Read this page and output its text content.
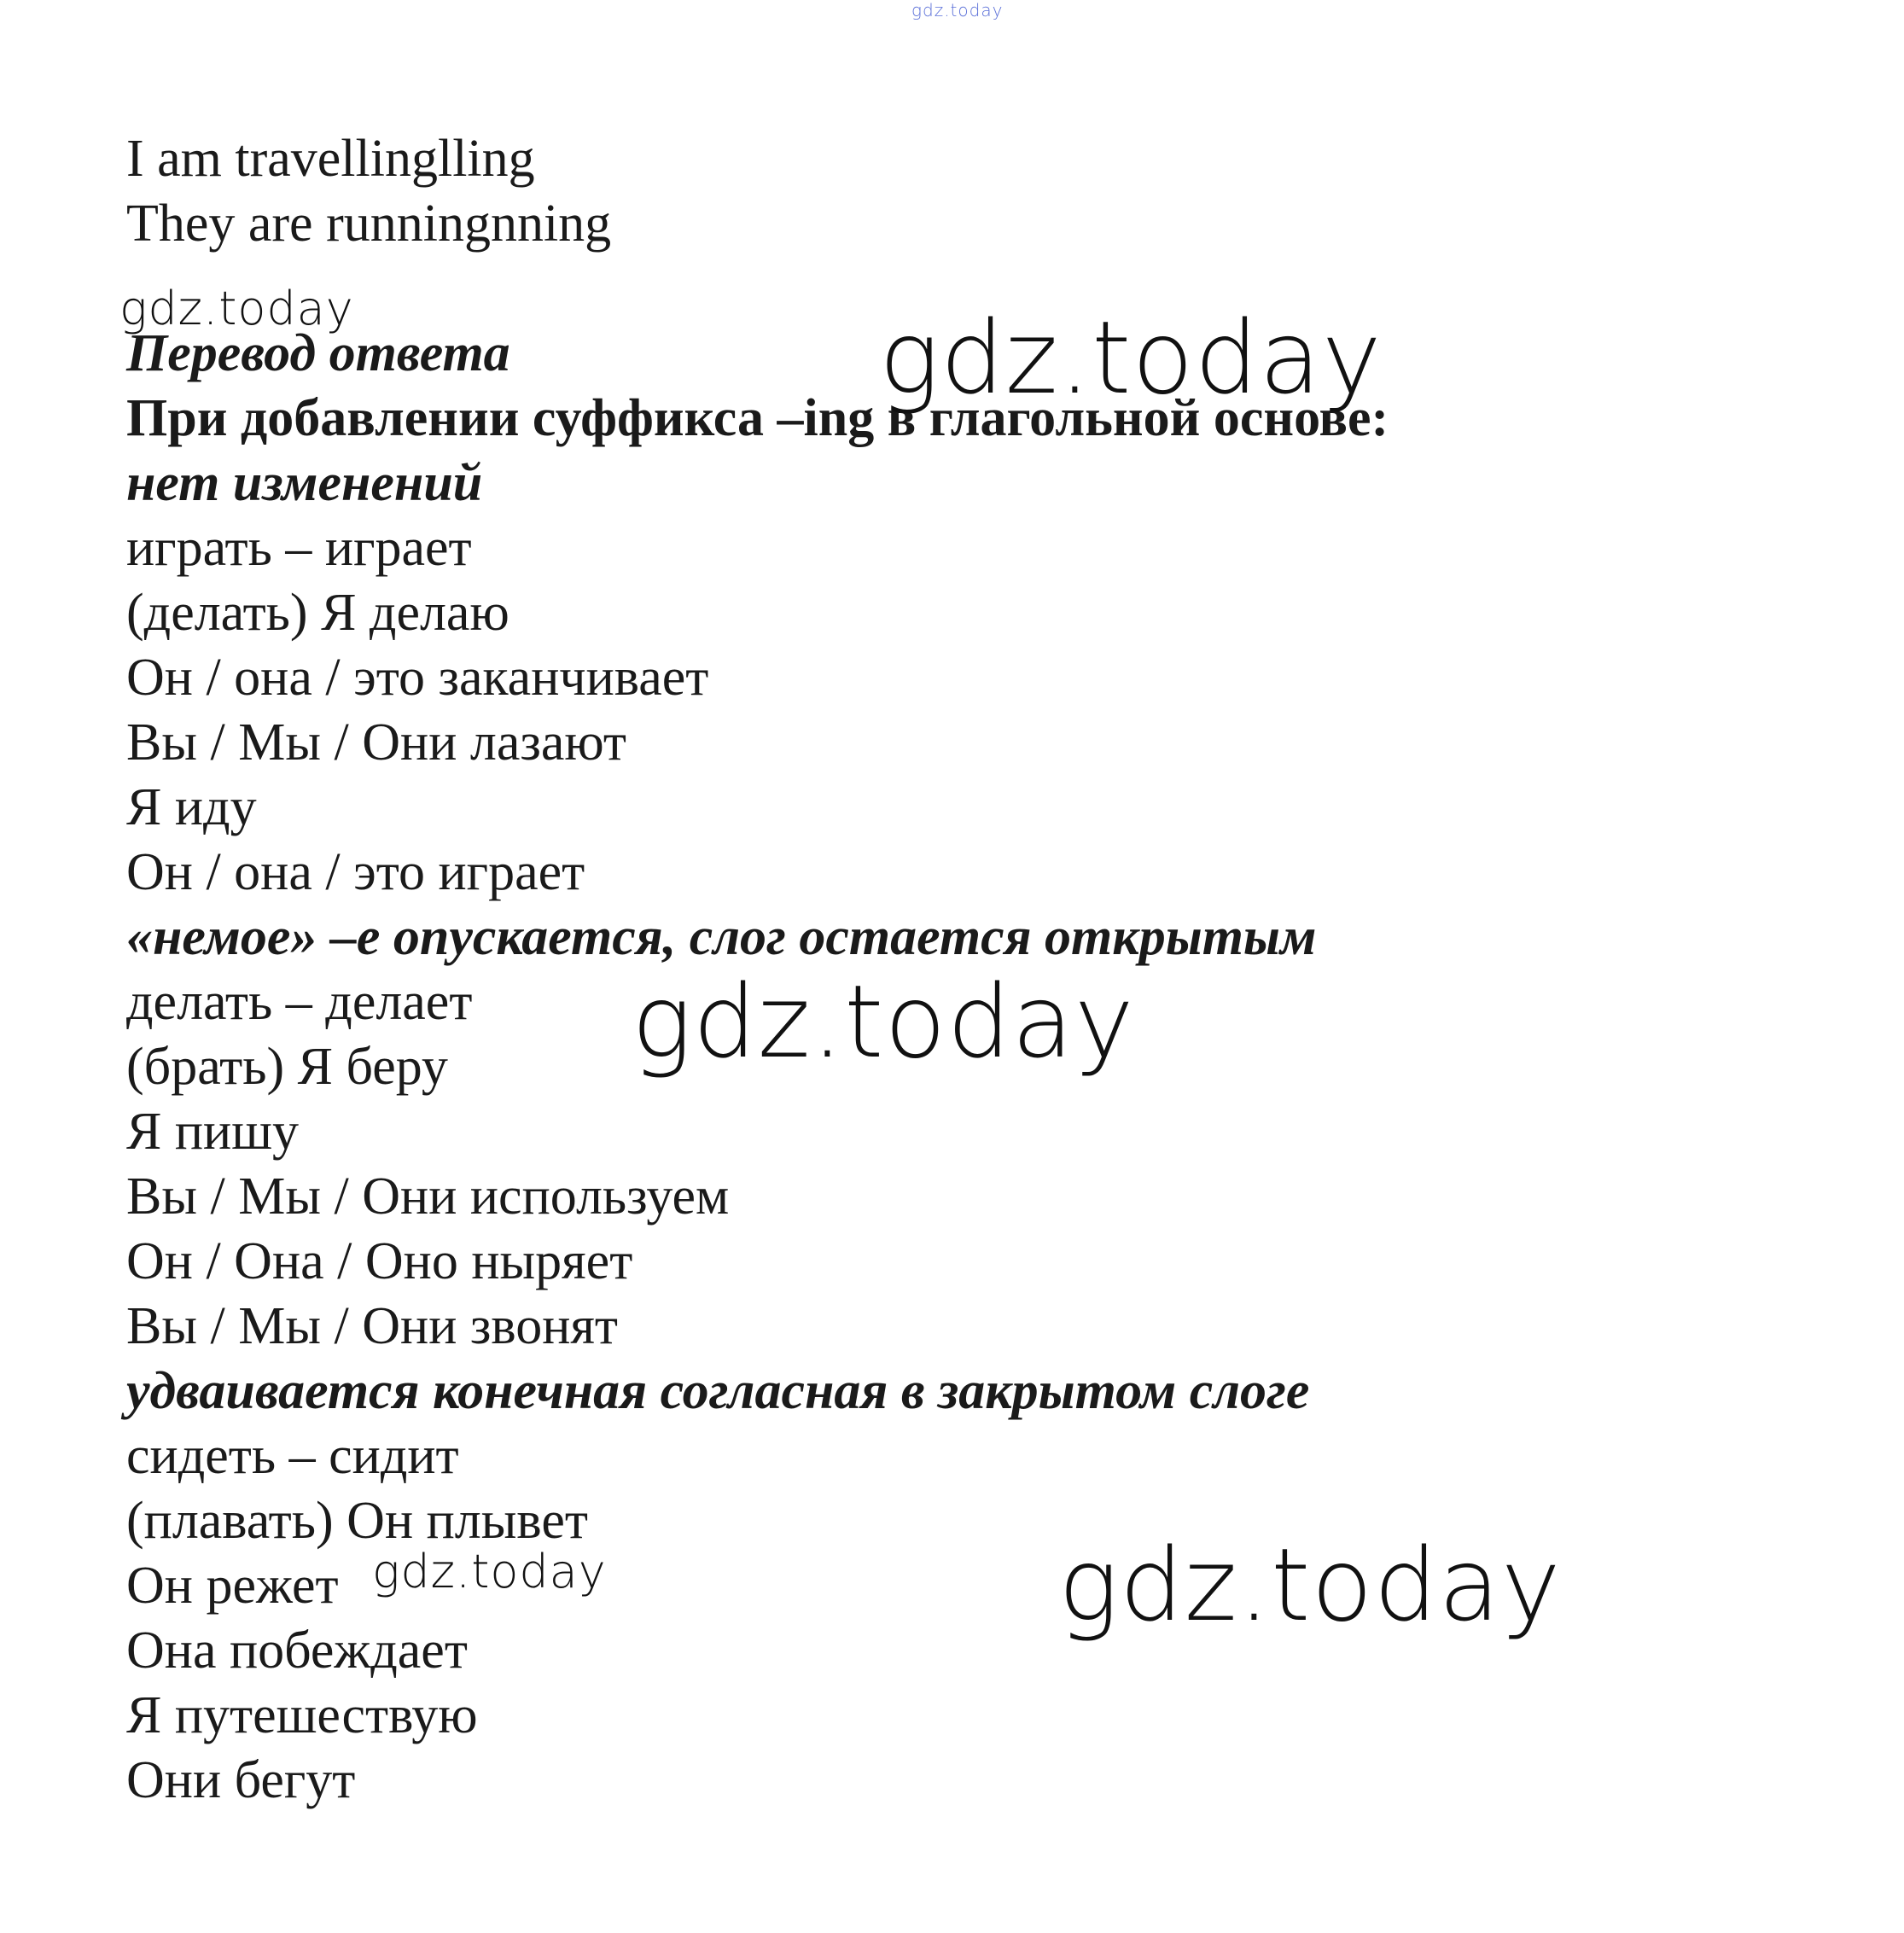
gdz.today
I am travellinglling
They are runningnning
Перевод ответа
При добавлении суффикса –ing в глагольной основе:
нет изменений
играть – играет
(делать) Я делаю
Он / она / это заканчивает
Вы / Мы / Они лазают
Я иду
Он / она / это играет
«немое» –е опускается, слог остается открытым
делать – делает
(брать) Я беру
Я пишу
Вы / Мы / Они используем
Он / Она / Оно ныряет
Вы / Мы / Они звонят
удваивается конечная согласная в закрытом слоге
сидеть – сидит
(плавать) Он плывет
Он режет
Она побеждает
Я путешествую
Они бегут
gdz.today	gdz.today
gdz.today
gdz.today	gdz.today
